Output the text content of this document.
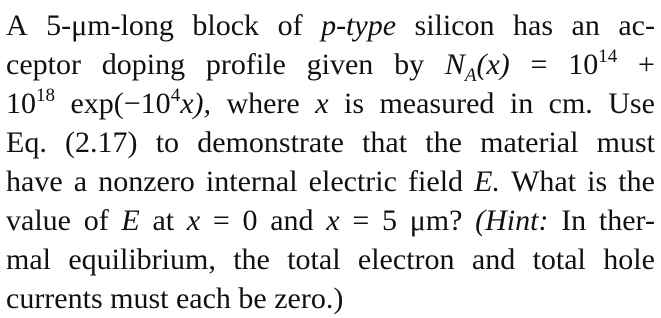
A 5-μm-long block of p-type silicon has an ac-
ceptor doping profile given by $N_A(x) = 10^{14}$ +
$10^{18}$ $\exp(-10^4x)$, where x is measured in cm. Use
Eq. (2.17) to demonstrate that the material must
have a nonzero internal electric field E. What is the
value of E at x = 0 and x = 5 μm? (Hint: In ther-
mal equilibrium, the total electron and total hole
currents must each be zero.)
